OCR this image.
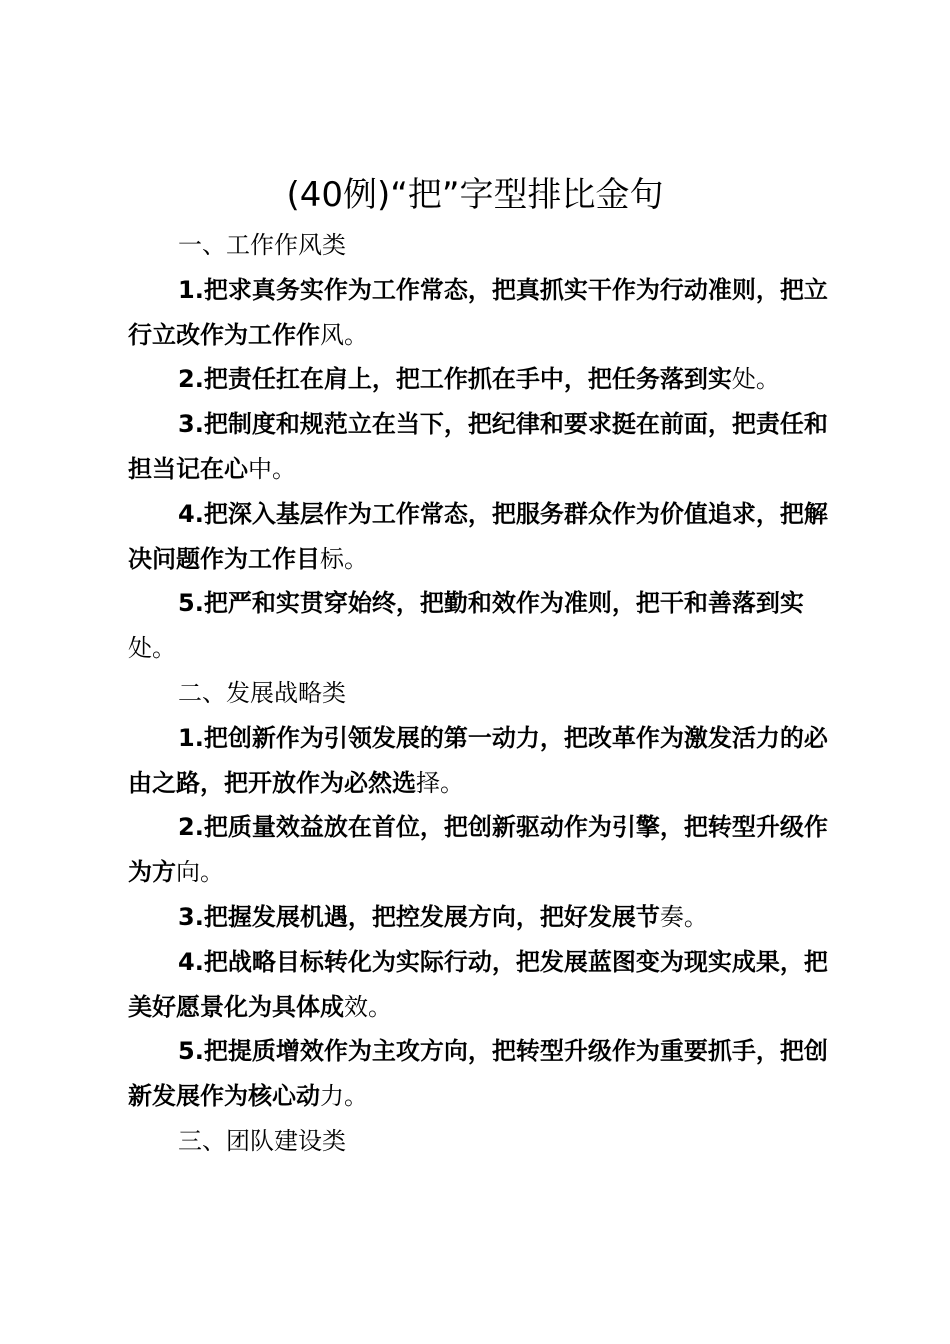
(40例)“把”字型排比金句

一、工作作风类

1.把求真务实作为工作常态，把真抓实干作为行动准则，把立行立改作为工作作风。

2.把责任扛在肩上，把工作抓在手中，把任务落到实处。

3.把制度和规范立在当下，把纪律和要求挺在前面，把责任和担当记在心中。

4.把深入基层作为工作常态，把服务群众作为价值追求，把解决问题作为工作目标。

5.把严和实贯穿始终，把勤和效作为准则，把干和善落到实处。

二、发展战略类

1.把创新作为引领发展的第一动力，把改革作为激发活力的必由之路，把开放作为必然选择。

2.把质量效益放在首位，把创新驱动作为引擎，把转型升级作为方向。

3.把握发展机遇，把控发展方向，把好发展节奏。

4.把战略目标转化为实际行动，把发展蓝图变为现实成果，把美好愿景化为具体成效。

5.把提质增效作为主攻方向，把转型升级作为重要抓手，把创新发展作为核心动力。

三、团队建设类
